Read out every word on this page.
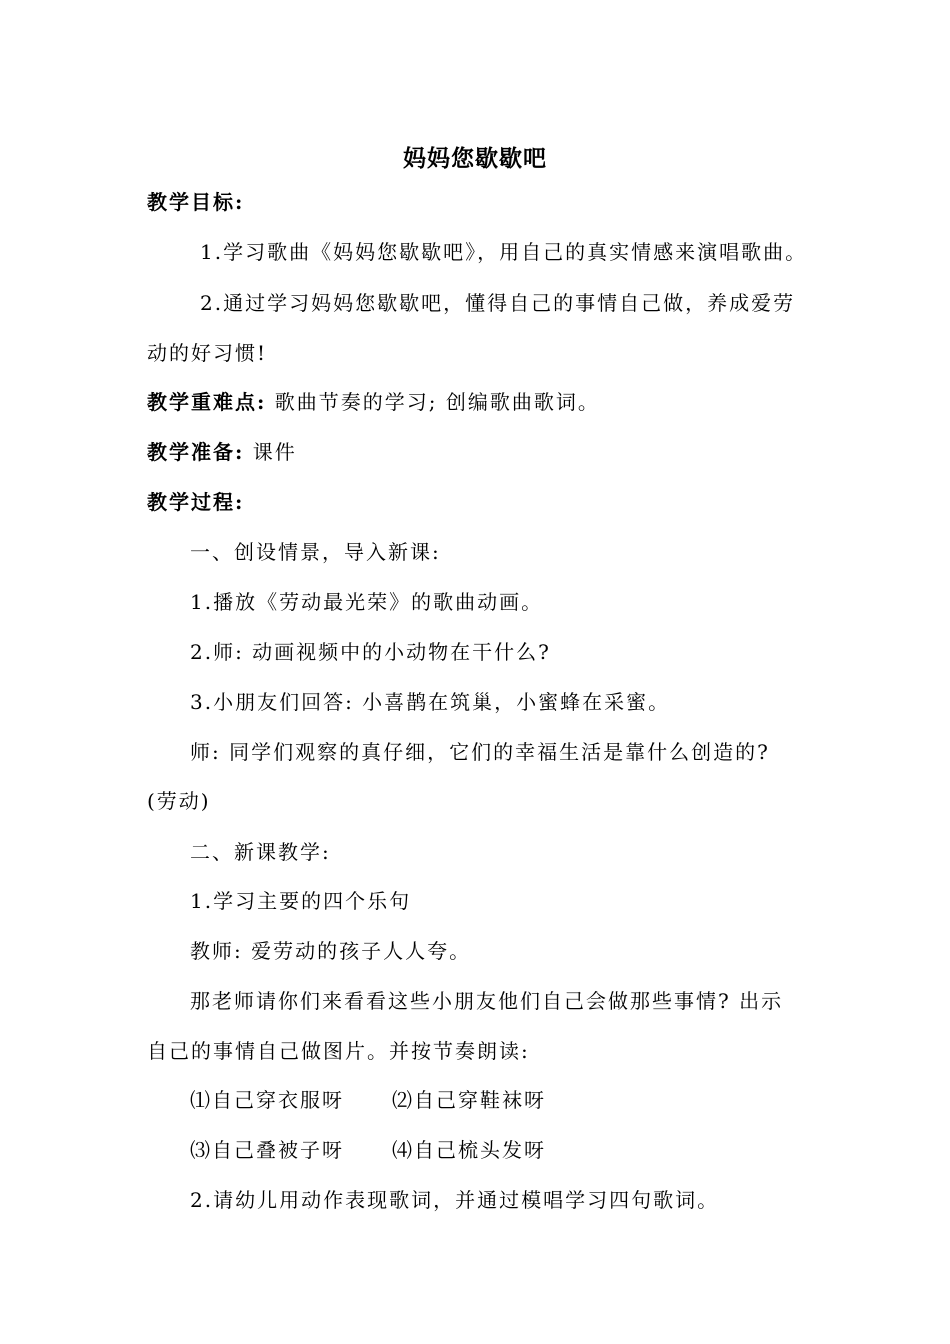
妈妈您歇歇吧
教学目标:
1.学习歌曲《妈妈您歇歇吧》，用自己的真实情感来演唱歌曲。
2.通过学习妈妈您歇歇吧，懂得自己的事情自己做，养成爱劳
动的好习惯!
教学重难点: 歌曲节奏的学习; 创编歌曲歌词。
教学准备: 课件
教学过程:
一、创设情景，导入新课:
1.播放《劳动最光荣》的歌曲动画。
2.师: 动画视频中的小动物在干什么?
3.小朋友们回答: 小喜鹊在筑巢，小蜜蜂在采蜜。
师: 同学们观察的真仔细，它们的幸福生活是靠什么创造的?
(劳动)
二、新课教学:
1.学习主要的四个乐句
教师: 爱劳动的孩子人人夸。
那老师请你们来看看这些小朋友他们自己会做那些事情? 出示
自己的事情自己做图片。并按节奏朗读:
⑴自己穿衣服呀 ⑵自己穿鞋袜呀
⑶自己叠被子呀 ⑷自己梳头发呀
2.请幼儿用动作表现歌词，并通过模唱学习四句歌词。
